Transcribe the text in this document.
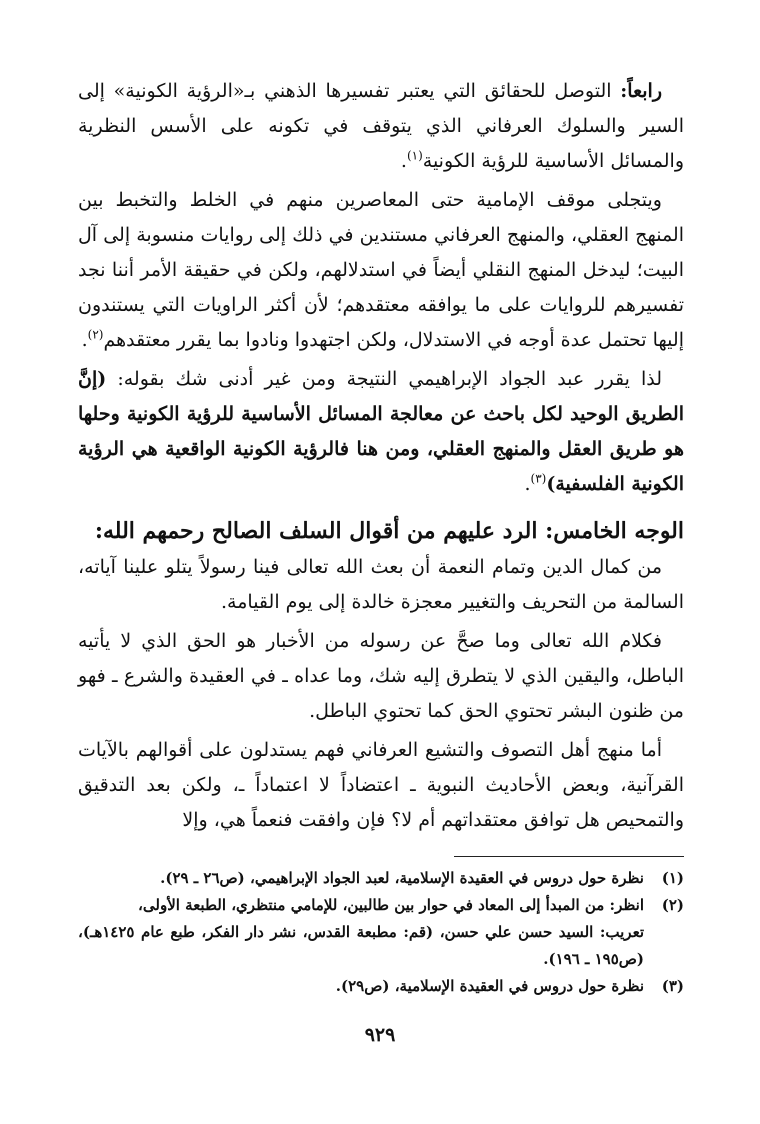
رابعاً: التوصل للحقائق التي يعتبر تفسيرها الذهني بـ«الرؤية الكونية» إلى السير والسلوك العرفاني الذي يتوقف في تكونه على الأسس النظرية والمسائل الأساسية للرؤية الكونية$^{(١)}$.

ويتجلى موقف الإمامية حتى المعاصرين منهم في الخلط والتخبط بين المنهج العقلي، والمنهج العرفاني مستندين في ذلك إلى روايات منسوبة إلى آل البيت؛ ليدخل المنهج النقلي أيضاً في استدلالهم، ولكن في حقيقة الأمر أننا نجد تفسيرهم للروايات على ما يوافقه معتقدهم؛ لأن أكثر الراويات التي يستندون إليها تحتمل عدة أوجه في الاستدلال، ولكن اجتهدوا ونادوا بما يقرر معتقدهم$^{(٢)}$.

لذا يقرر عبد الجواد الإبراهيمي النتيجة ومن غير أدنى شك بقوله: (إنَّ الطريق الوحيد لكل باحث عن معالجة المسائل الأساسية للرؤية الكونية وحلها هو طريق العقل والمنهج العقلي، ومن هنا فالرؤية الكونية الواقعية هي الرؤية الكونية الفلسفية)$^{(٣)}$.

الوجه الخامس: الرد عليهم من أقوال السلف الصالح رحمهم الله:

من كمال الدين وتمام النعمة أن بعث الله تعالى فينا رسولاً يتلو علينا آياته، السالمة من التحريف والتغيير معجزة خالدة إلى يوم القيامة.

فكلام الله تعالى وما صحَّ عن رسوله من الأخبار هو الحق الذي لا يأتيه الباطل، واليقين الذي لا يتطرق إليه شك، وما عداه ـ في العقيدة والشرع ـ فهو من ظنون البشر تحتوي الحق كما تحتوي الباطل.

أما منهج أهل التصوف والتشيع العرفاني فهم يستدلون على أقوالهم بالآيات القرآنية، وبعض الأحاديث النبوية ـ اعتضاداً لا اعتماداً ـ، ولكن بعد التدقيق والتمحيص هل توافق معتقداتهم أم لا؟ فإن وافقت فنعماً هي، وإلا

(١)نظرة حول دروس في العقيدة الإسلامية، لعبد الجواد الإبراهيمي، (ص٢٦ ـ ٢٩).

(٢)انظر: من المبدأ إلى المعاد في حوار بين طالبين، للإمامي منتظري، الطبعة الأولى،

تعريب: السيد حسن علي حسن، (قم: مطبعة القدس، نشر دار الفكر، طبع عام ١٤٢٥هـ)، (ص١٩٥ ـ ١٩٦).

(٣)نظرة حول دروس في العقيدة الإسلامية، (ص٢٩).

٩٢٩
